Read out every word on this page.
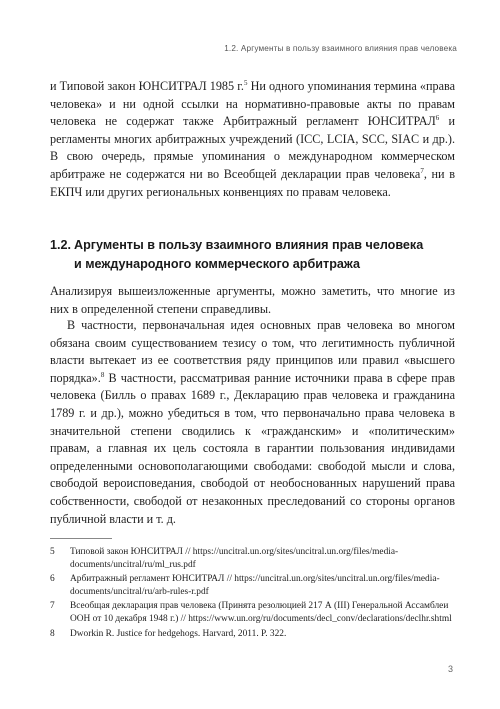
1.2. Аргументы в пользу взаимного влияния прав человека

и Типовой закон ЮНСИТРАЛ 1985 г.$^5$ Ни одного упоминания термина «права человека» и ни одной ссылки на нормативно-правовые акты по правам человека не содержат также Арбитражный регламент ЮНСИТРАЛ$^6$ и регламенты многих арбитражных учреждений (ICC, LCIA, SCC, SIAC и др.). В свою очередь, прямые упоминания о международном коммерческом арбитраже не содержатся ни во Всеобщей декларации прав человека$^7$, ни в ЕКПЧ или других региональных конвенциях по правам человека.

1.2. Аргументы в пользу взаимного влияния прав человека
и международного коммерческого арбитража

Анализируя вышеизложенные аргументы, можно заметить, что многие из них в определенной степени справедливы.

В частности, первоначальная идея основных прав человека во многом обязана своим существованием тезису о том, что легитимность публичной власти вытекает из ее соответствия ряду принципов или правил «высшего порядка».$^8$ В частности, рассматривая ранние источники права в сфере прав человека (Билль о правах 1689 г., Декларацию прав человека и гражданина 1789 г. и др.), можно убедиться в том, что первоначально права человека в значительной степени сводились к «гражданским» и «политическим» правам, а главная их цель состояла в гарантии пользования индивидами определенными основополагающими свободами: свободой мысли и слова, свободой вероисповедания, свободой от необоснованных нарушений права собственности, свободой от незаконных преследований со стороны органов публичной власти и т. д.

5	Типовой закон ЮНСИТРАЛ // https://uncitral.un.org/sites/uncitral.un.org/files/media-documents/uncitral/ru/ml_rus.pdf
6	Арбитражный регламент ЮНСИТРАЛ // https://uncitral.un.org/sites/uncitral.un.org/files/media-documents/uncitral/ru/arb-rules-r.pdf
7	Всеобщая декларация прав человека (Принята резолюцией 217 А (III) Генеральной Ассамблеи ООН от 10 декабря 1948 г.) // https://www.un.org/ru/documents/decl_conv/declarations/declhr.shtml
8	Dworkin R. Justice for hedgehogs. Harvard, 2011. P. 322.
3
